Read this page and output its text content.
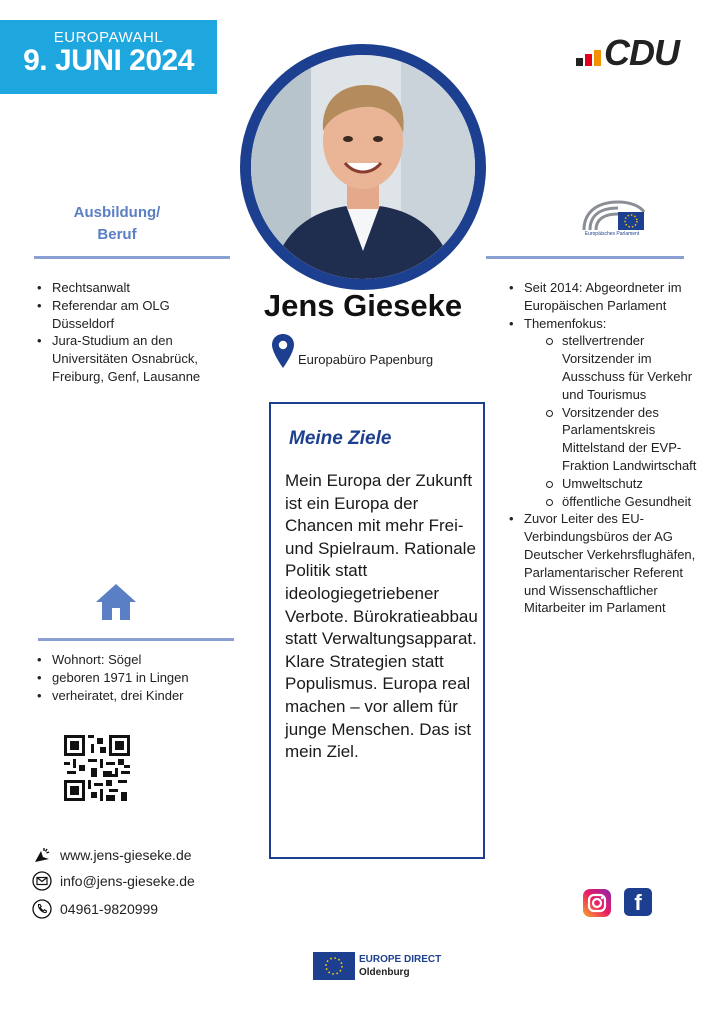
EUROPAWAHL
9. JUNI 2024	CDU
Europäisches Parlament
Ausbildung/
Beruf
• Rechtsanwalt
• Referendar am OLG Düsseldorf
• Jura-Studium an den Universitäten Osnabrück, Freiburg, Genf, Lausanne
• Wohnort: Sögel
• geboren 1971 in Lingen
• verheiratet, drei Kinder
www.jens-gieseke.de
info@jens-gieseke.de
04961-9820999
Jens Gieseke
Europabüro Papenburg
Meine Ziele
Mein Europa der Zukunft ist ein Europa der Chancen mit mehr Frei- und Spielraum. Rationale Politik statt ideologiegetriebener Verbote. Bürokratieabbau statt Verwaltungsapparat. Klare Strategien statt Populismus. Europa real machen – vor allem für junge Menschen. Das ist mein Ziel.
• Seit 2014: Abgeordneter im Europäischen Parlament
• Themenfokus:
stellvertrender Vorsitzender im Ausschuss für Verkehr und Tourismus
Vorsitzender des Parlamentskreis Mittelstand der EVP-Fraktion Landwirtschaft
Umweltschutz
öffentliche Gesundheit
• Zuvor Leiter des EU-Verbindungsbüros der AG Deutscher Verkehrsflughäfen, Parlamentarischer Referent und Wissenschaftlicher Mitarbeiter im Parlament
f
EUROPE DIRECT
Oldenburg
